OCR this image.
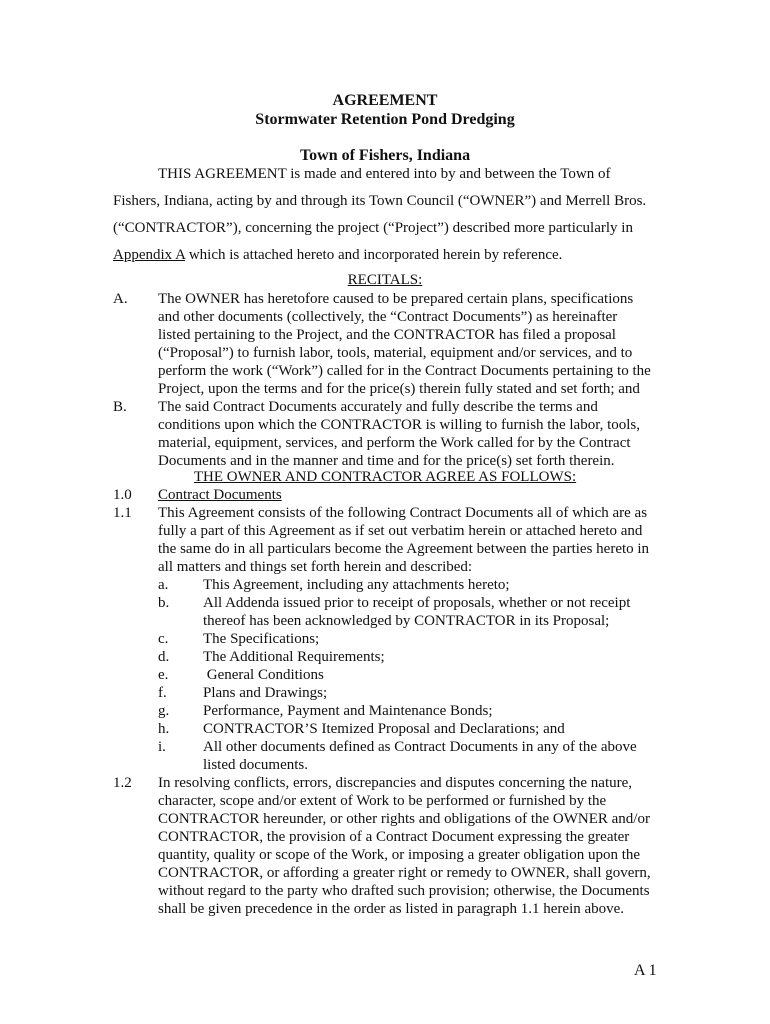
AGREEMENT
Stormwater Retention Pond Dredging
Town of Fishers, Indiana
THIS AGREEMENT is made and entered into by and between the Town of
Fishers, Indiana, acting by and through its Town Council (“OWNER”) and Merrell Bros.
(“CONTRACTOR”), concerning the project (“Project”) described more particularly in
Appendix A which is attached hereto and incorporated herein by reference.
RECITALS:
A. The OWNER has heretofore caused to be prepared certain plans, specifications
and other documents (collectively, the “Contract Documents”) as hereinafter
listed pertaining to the Project, and the CONTRACTOR has filed a proposal
(“Proposal”) to furnish labor, tools, material, equipment and/or services, and to
perform the work (“Work”) called for in the Contract Documents pertaining to the
Project, upon the terms and for the price(s) therein fully stated and set forth; and
B. The said Contract Documents accurately and fully describe the terms and
conditions upon which the CONTRACTOR is willing to furnish the labor, tools,
material, equipment, services, and perform the Work called for by the Contract
Documents and in the manner and time and for the price(s) set forth therein.
THE OWNER AND CONTRACTOR AGREE AS FOLLOWS:
1.0 Contract Documents
1.1 This Agreement consists of the following Contract Documents all of which are as
fully a part of this Agreement as if set out verbatim herein or attached hereto and
the same do in all particulars become the Agreement between the parties hereto in
all matters and things set forth herein and described:
a. This Agreement, including any attachments hereto;
b. All Addenda issued prior to receipt of proposals, whether or not receipt
thereof has been acknowledged by CONTRACTOR in its Proposal;
c. The Specifications;
d. The Additional Requirements;
e. General Conditions
f. Plans and Drawings;
g. Performance, Payment and Maintenance Bonds;
h. CONTRACTOR’S Itemized Proposal and Declarations; and
i. All other documents defined as Contract Documents in any of the above
listed documents.
1.2 In resolving conflicts, errors, discrepancies and disputes concerning the nature,
character, scope and/or extent of Work to be performed or furnished by the
CONTRACTOR hereunder, or other rights and obligations of the OWNER and/or
CONTRACTOR, the provision of a Contract Document expressing the greater
quantity, quality or scope of the Work, or imposing a greater obligation upon the
CONTRACTOR, or affording a greater right or remedy to OWNER, shall govern,
without regard to the party who drafted such provision; otherwise, the Documents
shall be given precedence in the order as listed in paragraph 1.1 herein above.
A 1
